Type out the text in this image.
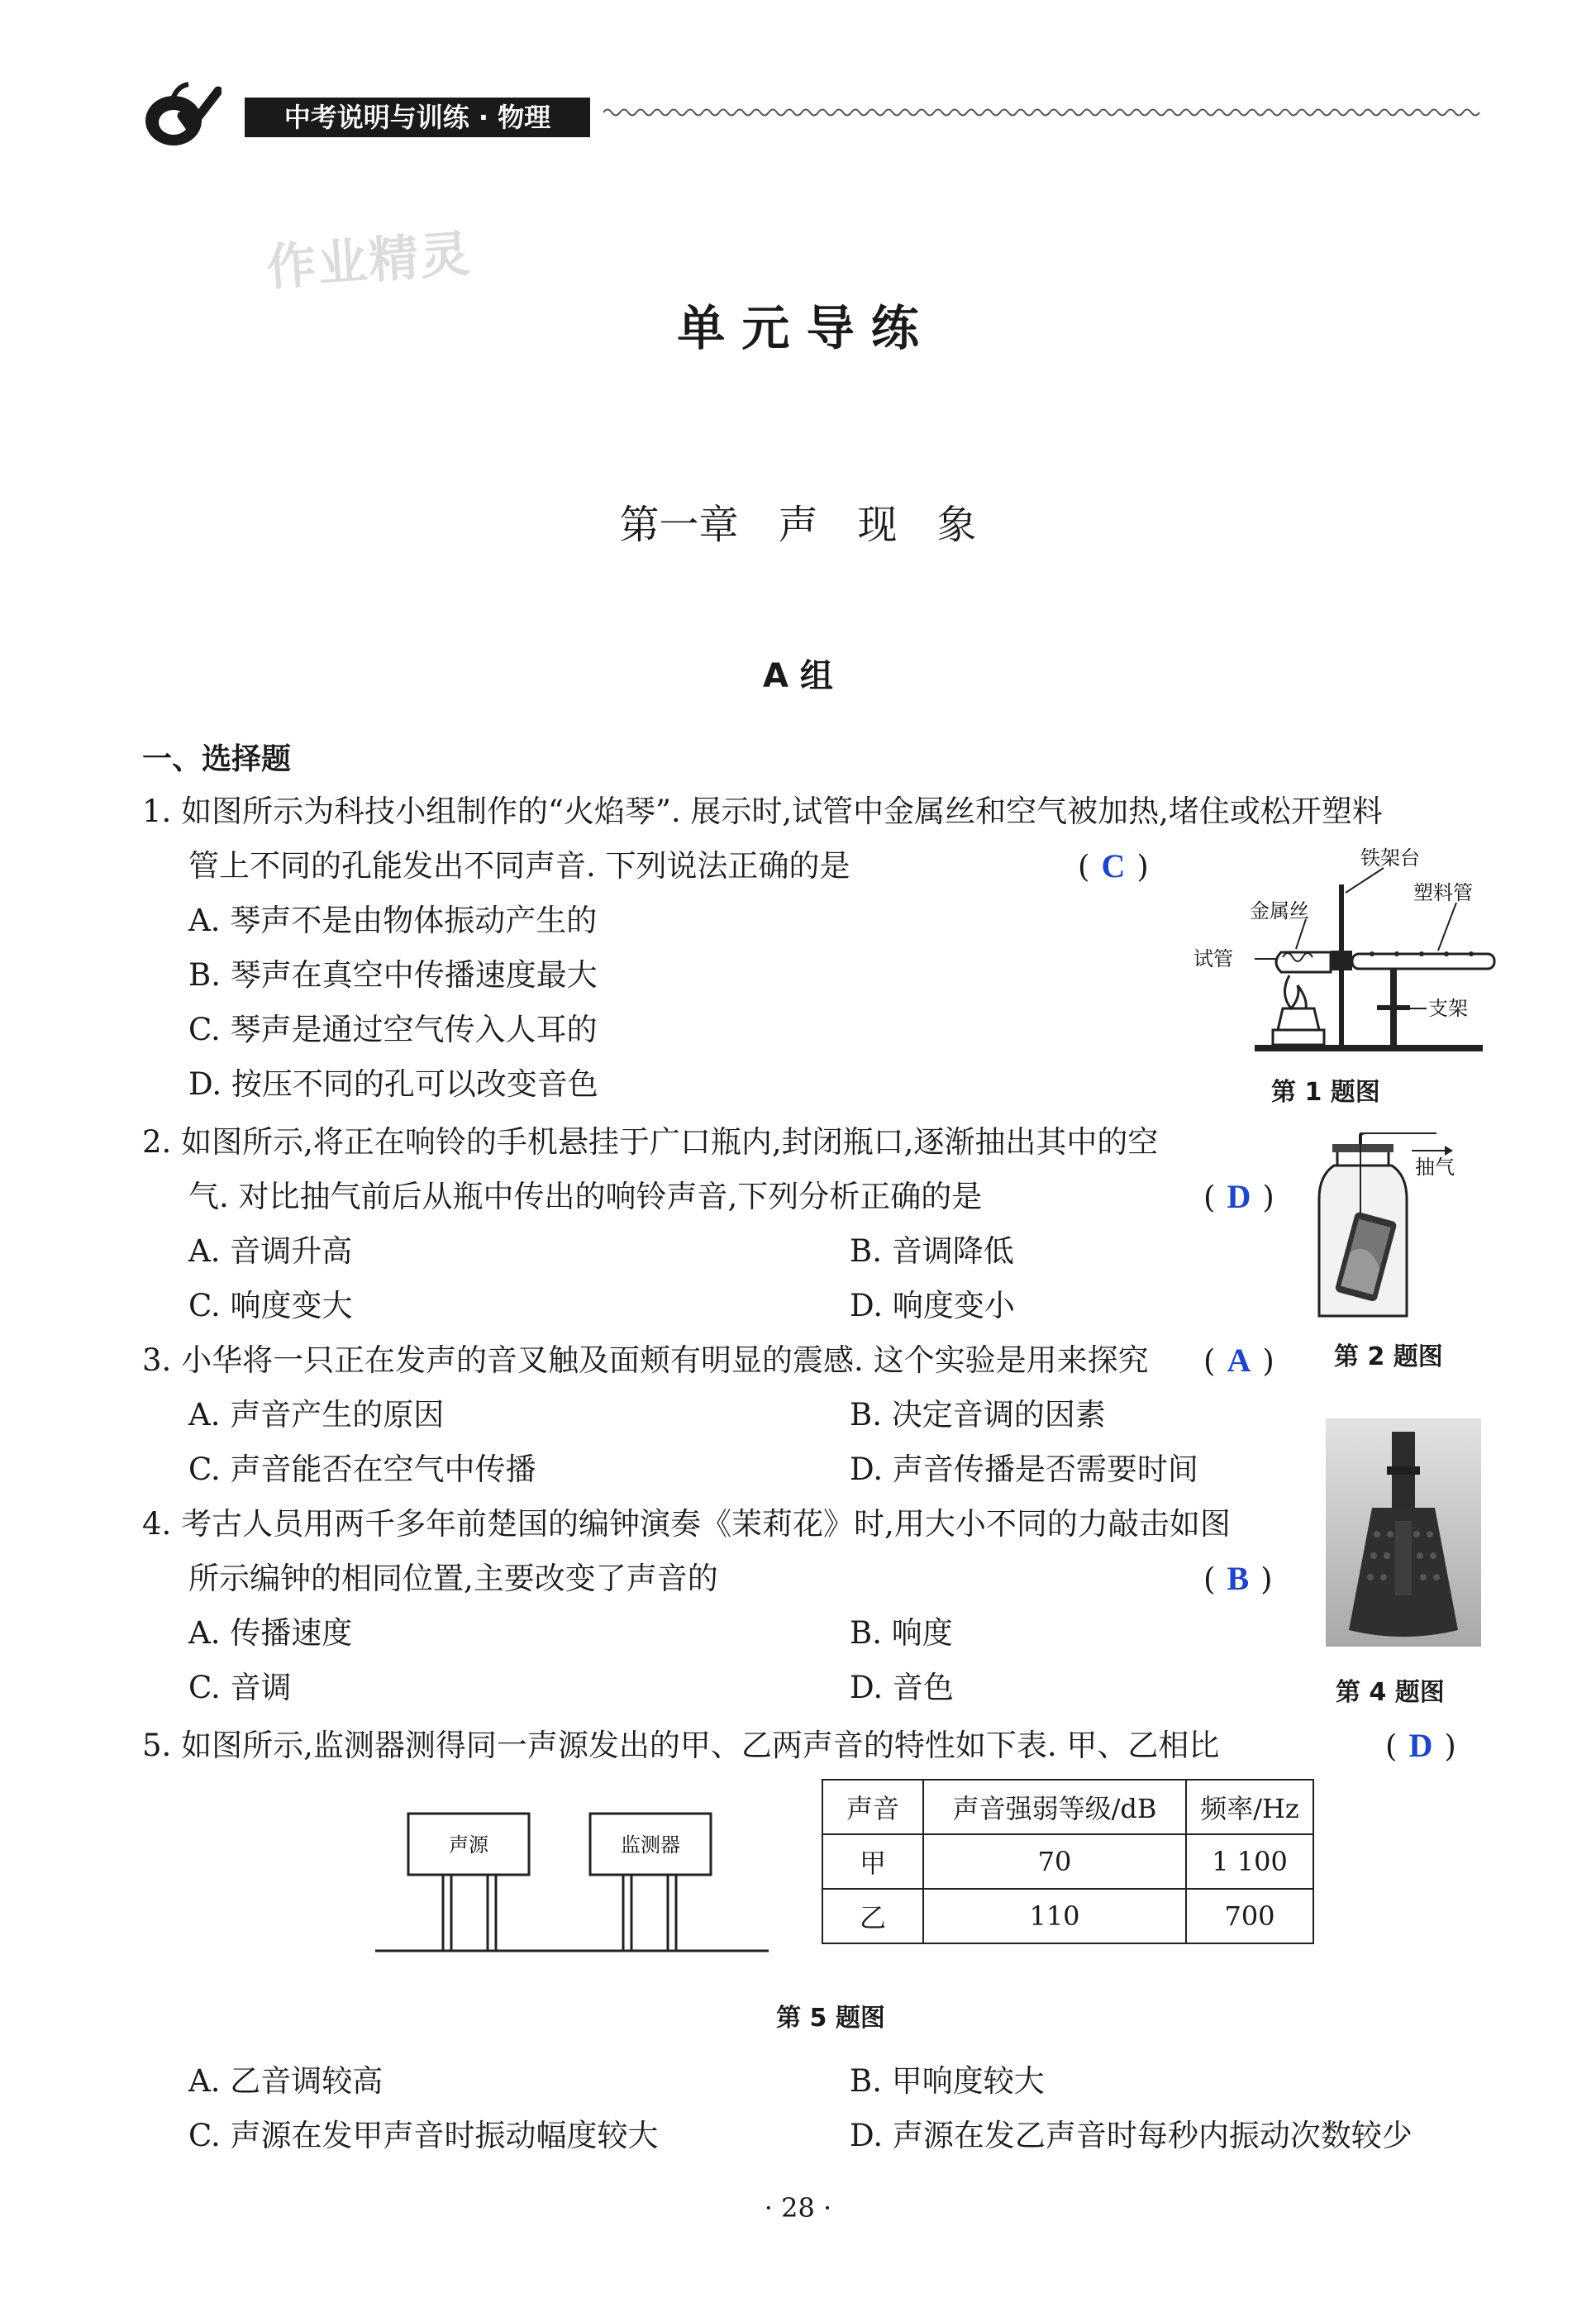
中考说明与训练 · 物理
作业精灵
单 元 导 练
第一章　声　现　象
A 组
一、选择题
1. 如图所示为科技小组制作的“火焰琴”. 展示时,试管中金属丝和空气被加热,堵住或松开塑料
管上不同的孔能发出不同声音. 下列说法正确的是	( C )
A. 琴声不是由物体振动产生的
B. 琴声在真空中传播速度最大
C. 琴声是通过空气传入人耳的
D. 按压不同的孔可以改变音色
铁架台
塑料管
金属丝
试管
支架
第 1 题图
2. 如图所示,将正在响铃的手机悬挂于广口瓶内,封闭瓶口,逐渐抽出其中的空
气. 对比抽气前后从瓶中传出的响铃声音,下列分析正确的是	( D )
A. 音调升高	B. 音调降低
C. 响度变大	D. 响度变小
抽气
第 2 题图
3. 小华将一只正在发声的音叉触及面颊有明显的震感. 这个实验是用来探究 ( A )
A. 声音产生的原因	B. 决定音调的因素
C. 声音能否在空气中传播	D. 声音传播是否需要时间
4. 考古人员用两千多年前楚国的编钟演奏《茉莉花》时,用大小不同的力敲击如图
所示编钟的相同位置,主要改变了声音的	( B )
A. 传播速度	B. 响度
C. 音调	D. 音色	第 4 题图
5. 如图所示,监测器测得同一声源发出的甲、乙两声音的特性如下表. 甲、乙相比	( D )
声源	监测器
声音	声音强弱等级/dB	频率/Hz
甲	70	1 100
乙	110	700
第 5 题图
A. 乙音调较高	B. 甲响度较大
C. 声源在发甲声音时振动幅度较大	D. 声源在发乙声音时每秒内振动次数较少
· 28 ·
